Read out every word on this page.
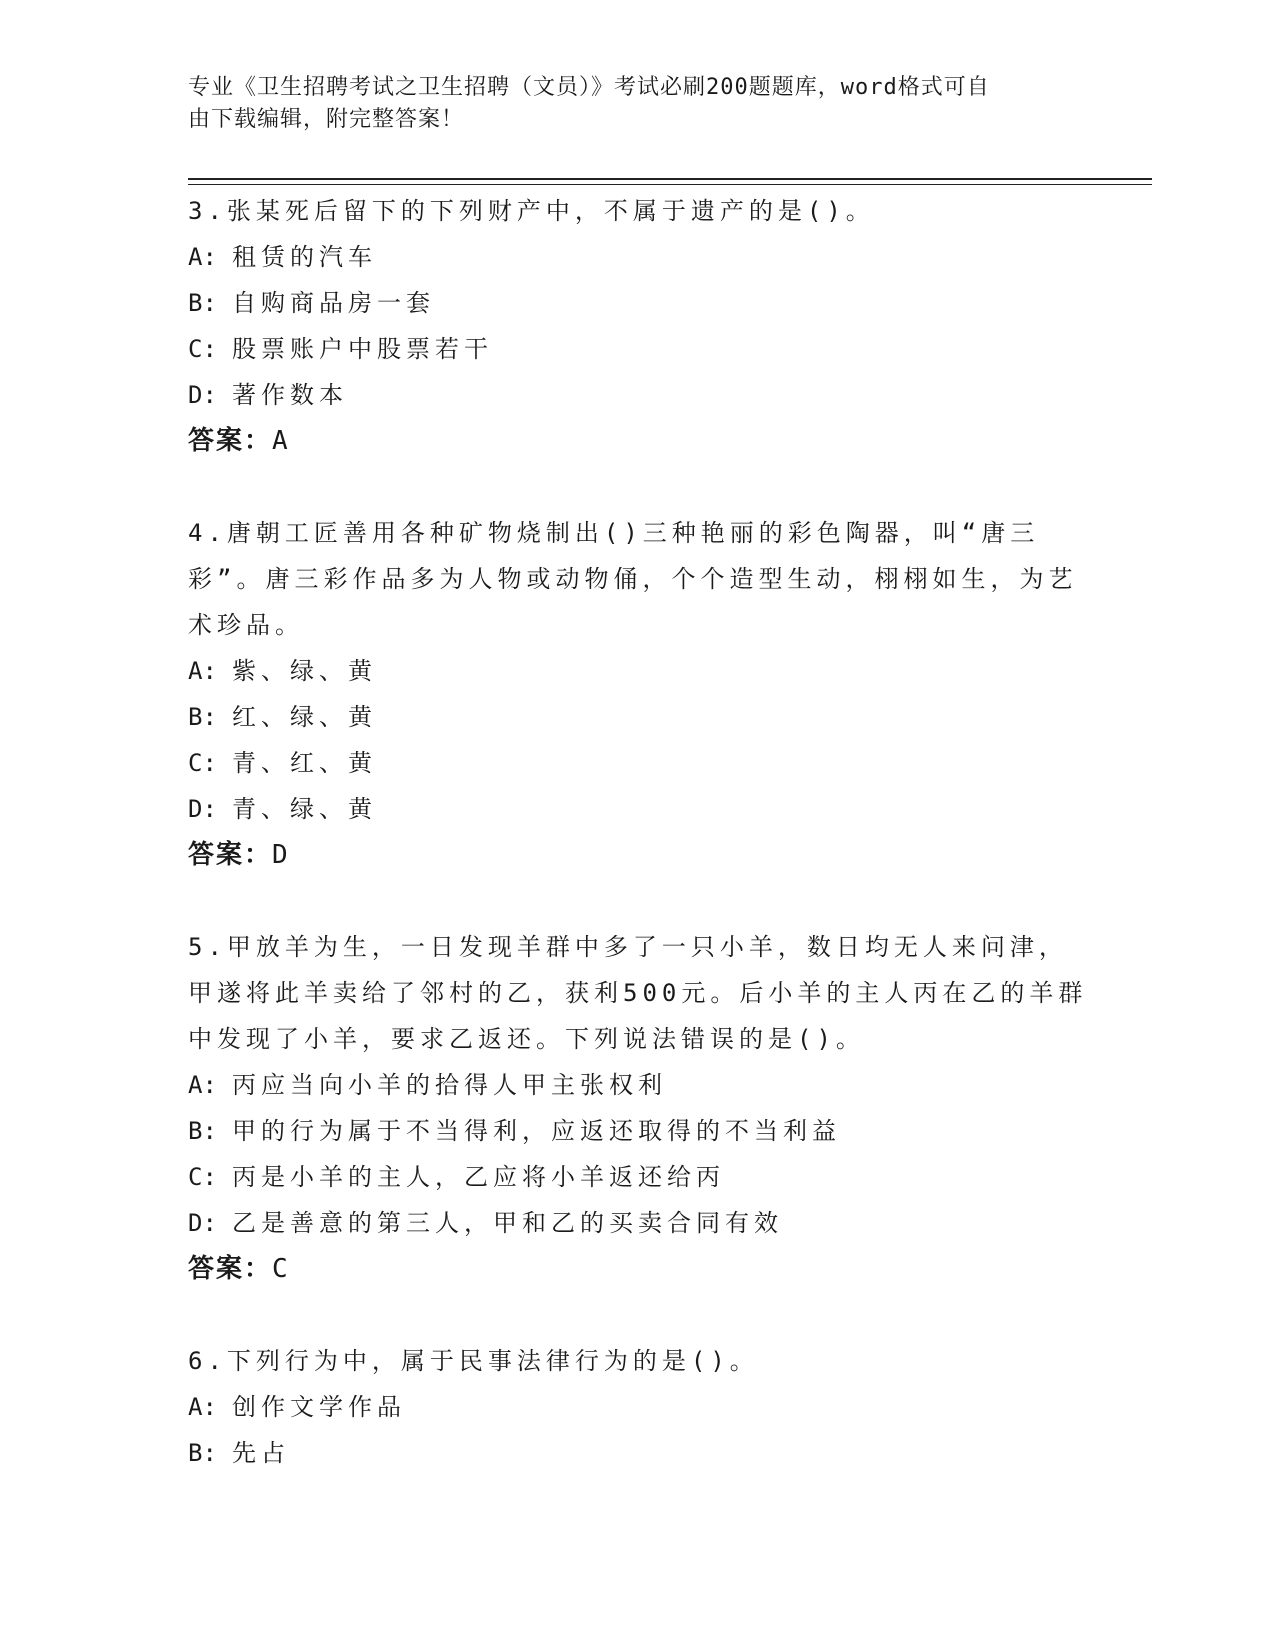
专业《卫生招聘考试之卫生招聘（文员）》考试必刷200题题库，word格式可自
由下载编辑，附完整答案！

3.张某死后留下的下列财产中，不属于遗产的是()。

A: 租赁的汽车

B: 自购商品房一套

C: 股票账户中股票若干

D: 著作数本

答案：A

4.唐朝工匠善用各种矿物烧制出()三种艳丽的彩色陶器，叫“唐三彩”。唐三彩作品多为人物或动物俑，个个造型生动，栩栩如生，为艺术珍品。

A: 紫、绿、黄

B: 红、绿、黄

C: 青、红、黄

D: 青、绿、黄

答案：D

5.甲放羊为生，一日发现羊群中多了一只小羊，数日均无人来问津，甲遂将此羊卖给了邻村的乙，获利500元。后小羊的主人丙在乙的羊群中发现了小羊，要求乙返还。下列说法错误的是()。

A: 丙应当向小羊的拾得人甲主张权利

B: 甲的行为属于不当得利，应返还取得的不当利益

C: 丙是小羊的主人，乙应将小羊返还给丙

D: 乙是善意的第三人，甲和乙的买卖合同有效

答案：C

6.下列行为中，属于民事法律行为的是()。

A: 创作文学作品

B: 先占
